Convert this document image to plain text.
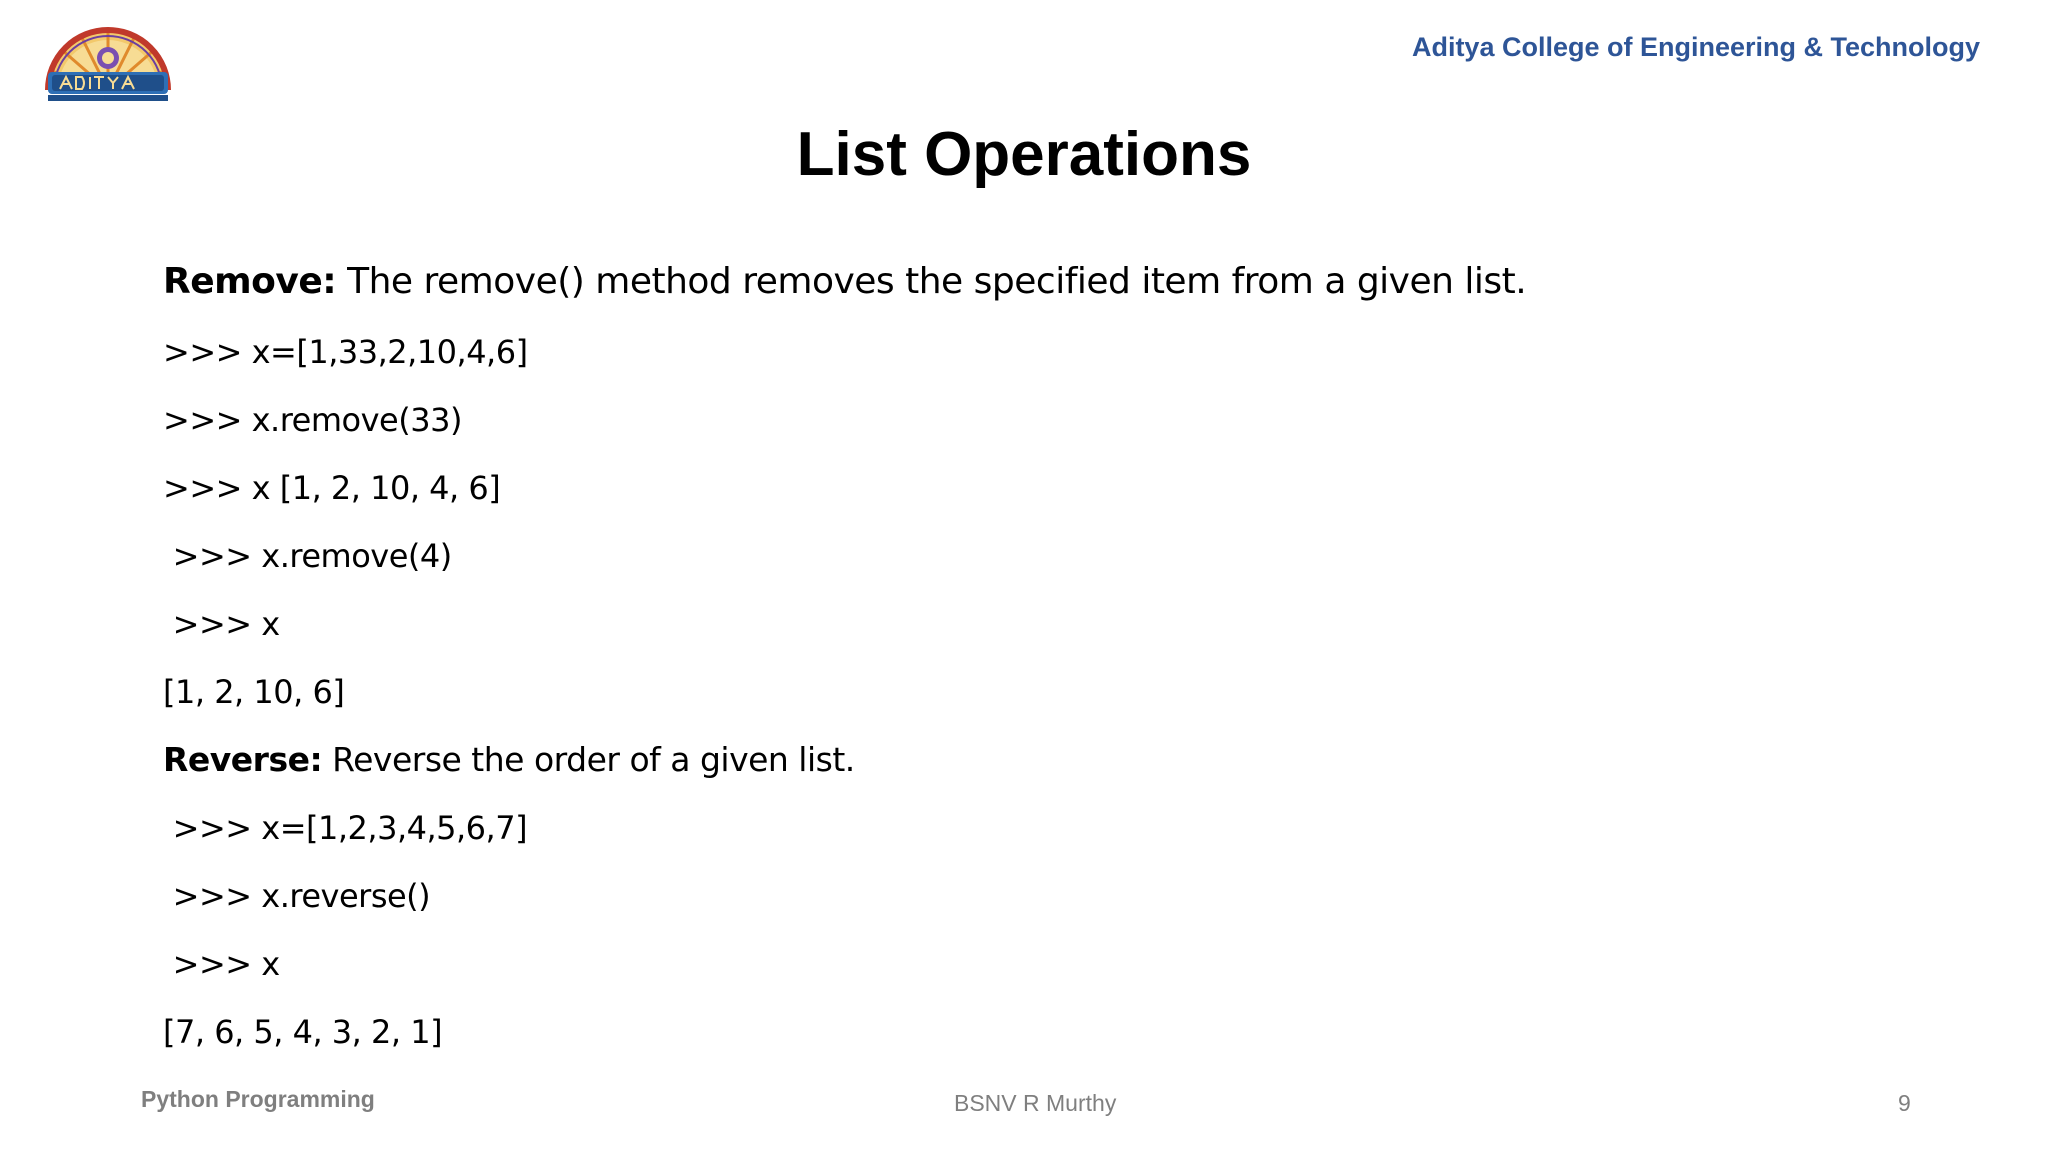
Aditya College of Engineering & Technology
List Operations
Remove: The remove() method removes the specified item from a given list.
>>> x=[1,33,2,10,4,6]
>>> x.remove(33)
>>> x [1, 2, 10, 4, 6]
>>> x.remove(4)
>>> x
[1, 2, 10, 6]
Reverse: Reverse the order of a given list.
>>> x=[1,2,3,4,5,6,7]
>>> x.reverse()
>>> x
[7, 6, 5, 4, 3, 2, 1]
Python Programming	BSNV R Murthy	9
